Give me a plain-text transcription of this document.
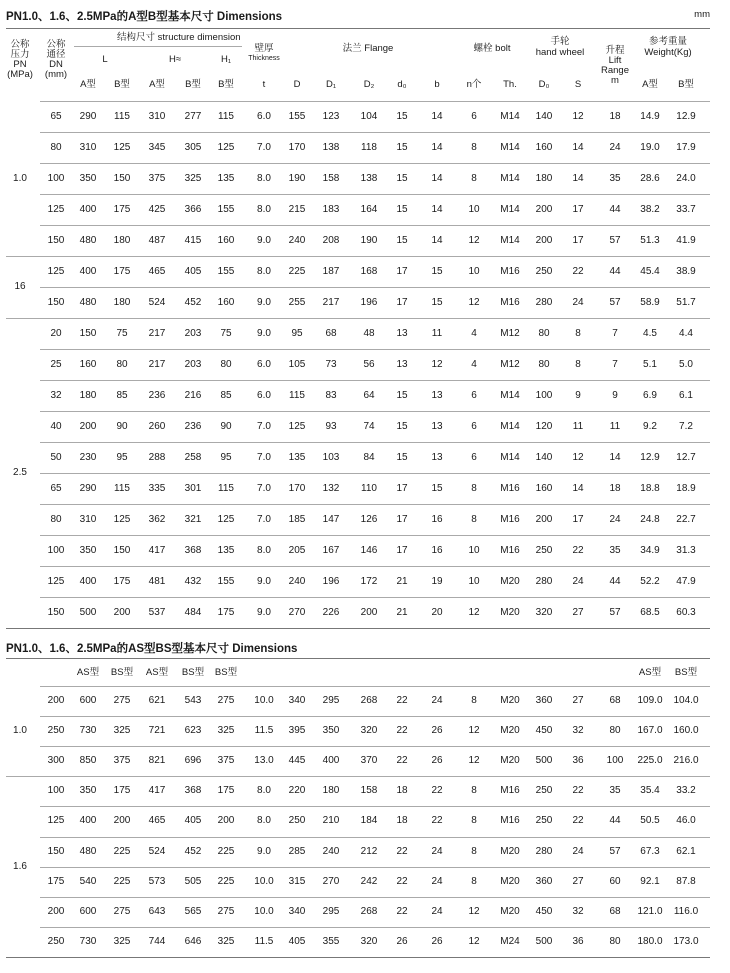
PN1.0、1.6、2.5MPa的A型B型基本尺寸 Dimensions	mm
PN1.0、1.6、2.5MPa的AS型BS型基本尺寸 Dimensions
公称
压力
PN
(MPa)
公称
通径
DN
(mm)
结构尺寸 structure dimension
L	H≈	H₁
壁厚
Thickness
法兰 Flange	螺栓 bolt
手轮
hand wheel	升程
Lift
Range
m
参考重量
Weight(Kg)
A型	B型	A型	B型	B型	t	D	D₁	D₂	d₀	b	n个	Th.	D₀	S	A型	B型
65	290	115	310	277	115	6.0	155	123	104	15	14	6	M14	140	12	18	14.9	12.9
80	310	125	345	305	125	7.0	170	138	118	15	14	8	M14	160	14	24	19.0	17.9
100	350	150	375	325	135	8.0	190	158	138	15	14	8	M14	180	14	35	28.6	24.0
125	400	175	425	366	155	8.0	215	183	164	15	14	10	M14	200	17	44	38.2	33.7
150	480	180	487	415	160	9.0	240	208	190	15	14	12	M14	200	17	57	51.3	41.9
1.0
125	400	175	465	405	155	8.0	225	187	168	17	15	10	M16	250	22	44	45.4	38.9
150	480	180	524	452	160	9.0	255	217	196	17	15	12	M16	280	24	57	58.9	51.7
16
20	150	75	217	203	75	9.0	95	68	48	13	11	4	M12	80	8	7	4.5	4.4
25	160	80	217	203	80	6.0	105	73	56	13	12	4	M12	80	8	7	5.1	5.0
32	180	85	236	216	85	6.0	115	83	64	15	13	6	M14	100	9	9	6.9	6.1
40	200	90	260	236	90	7.0	125	93	74	15	13	6	M14	120	11	11	9.2	7.2
50	230	95	288	258	95	7.0	135	103	84	15	13	6	M14	140	12	14	12.9	12.7
65	290	115	335	301	115	7.0	170	132	110	17	15	8	M16	160	14	18	18.8	18.9
80	310	125	362	321	125	7.0	185	147	126	17	16	8	M16	200	17	24	24.8	22.7
100	350	150	417	368	135	8.0	205	167	146	17	16	10	M16	250	22	35	34.9	31.3
125	400	175	481	432	155	9.0	240	196	172	21	19	10	M20	280	24	44	52.2	47.9
150	500	200	537	484	175	9.0	270	226	200	21	20	12	M20	320	27	57	68.5	60.3
2.5
AS型	BS型	AS型	BS型	BS型	AS型	BS型
200	600	275	621	543	275	10.0	340	295	268	22	24	8	M20	360	27	68	109.0	104.0
250	730	325	721	623	325	11.5	395	350	320	22	26	12	M20	450	32	80	167.0	160.0
300	850	375	821	696	375	13.0	445	400	370	22	26	12	M20	500	36	100	225.0	216.0
1.0
100	350	175	417	368	175	8.0	220	180	158	18	22	8	M16	250	22	35	35.4	33.2
125	400	200	465	405	200	8.0	250	210	184	18	22	8	M16	250	22	44	50.5	46.0
150	480	225	524	452	225	9.0	285	240	212	22	24	8	M20	280	24	57	67.3	62.1
175	540	225	573	505	225	10.0	315	270	242	22	24	8	M20	360	27	60	92.1	87.8
200	600	275	643	565	275	10.0	340	295	268	22	24	12	M20	450	32	68	121.0	116.0
250	730	325	744	646	325	11.5	405	355	320	26	26	12	M24	500	36	80	180.0	173.0
1.6
